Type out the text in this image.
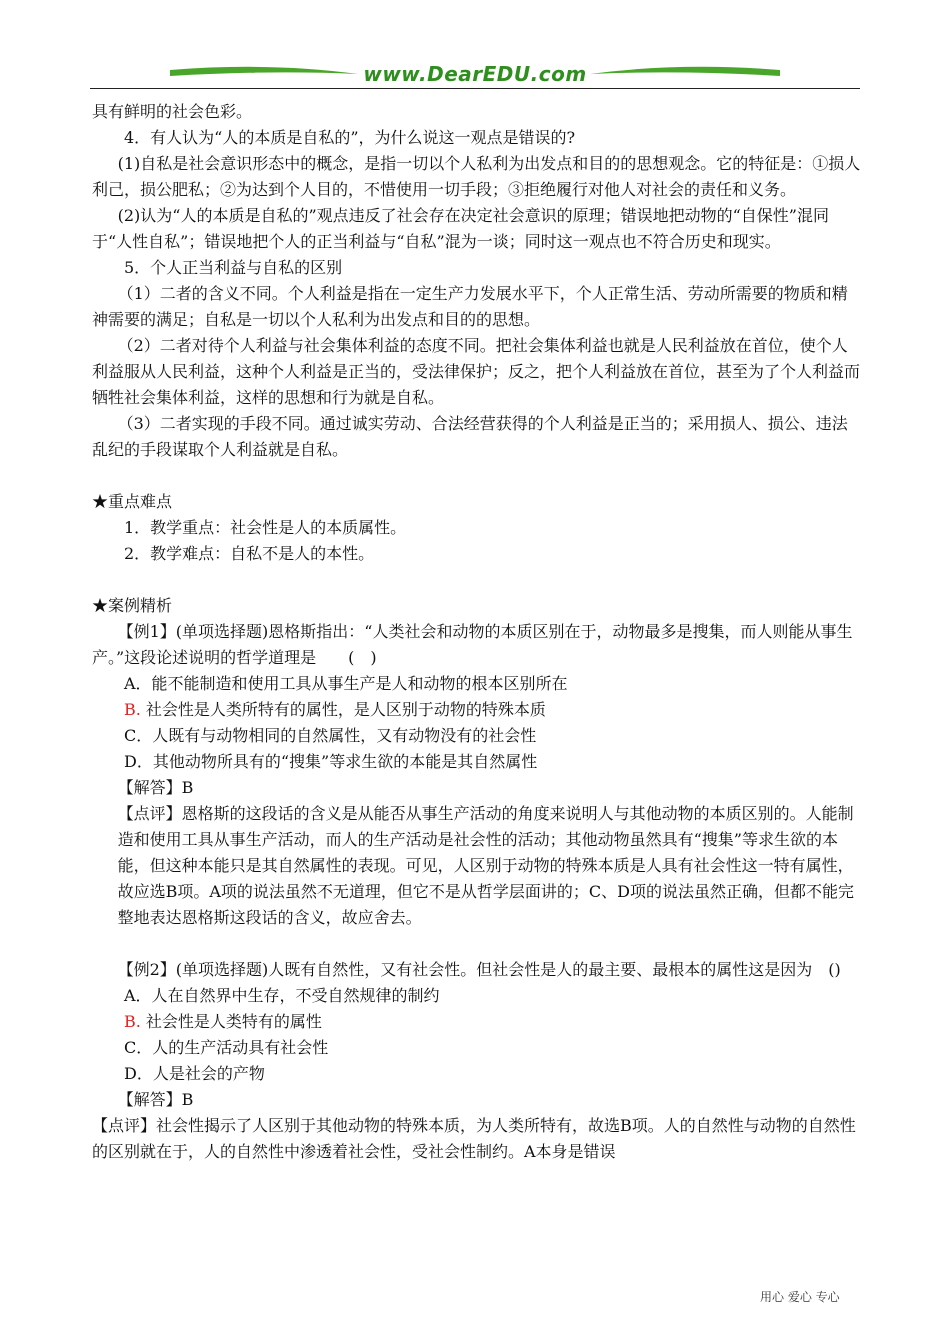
www.DearEDU.com

具有鲜明的社会色彩。

4．有人认为“人的本质是自私的”，为什么说这一观点是错误的?

(1)自私是社会意识形态中的概念，是指一切以个人私利为出发点和目的的思想观念。它的特征是：①损人利己，损公肥私；②为达到个人目的，不惜使用一切手段；③拒绝履行对他人对社会的责任和义务。

(2)认为“人的本质是自私的”观点违反了社会存在决定社会意识的原理；错误地把动物的“自保性”混同于“人性自私”；错误地把个人的正当利益与“自私”混为一谈；同时这一观点也不符合历史和现实。

5．个人正当利益与自私的区别

（1）二者的含义不同。个人利益是指在一定生产力发展水平下，个人正常生活、劳动所需要的物质和精神需要的满足；自私是一切以个人私利为出发点和目的的思想。

（2）二者对待个人利益与社会集体利益的态度不同。把社会集体利益也就是人民利益放在首位，使个人利益服从人民利益，这种个人利益是正当的，受法律保护；反之，把个人利益放在首位，甚至为了个人利益而牺牲社会集体利益，这样的思想和行为就是自私。

（3）二者实现的手段不同。通过诚实劳动、合法经营获得的个人利益是正当的；采用损人、损公、违法乱纪的手段谋取个人利益就是自私。

★重点难点

1．教学重点：社会性是人的本质属性。

2．教学难点：自私不是人的本性。

★案例精析

【例1】(单项选择题)恩格斯指出：“人类社会和动物的本质区别在于，动物最多是搜集，而人则能从事生产。”这段论述说明的哲学道理是　　(　)

A．能不能制造和使用工具从事生产是人和动物的根本区别所在

B. 社会性是人类所特有的属性，是人区别于动物的特殊本质

C．人既有与动物相同的自然属性，又有动物没有的社会性

D．其他动物所具有的“搜集”等求生欲的本能是其自然属性

【解答】B

【点评】恩格斯的这段话的含义是从能否从事生产活动的角度来说明人与其他动物的本质区别的。人能制造和使用工具从事生产活动，而人的生产活动是社会性的活动；其他动物虽然具有“搜集”等求生欲的本能，但这种本能只是其自然属性的表现。可见，人区别于动物的特殊本质是人具有社会性这一特有属性，故应选B项。A项的说法虽然不无道理，但它不是从哲学层面讲的；C、D项的说法虽然正确，但都不能完整地表达恩格斯这段话的含义，故应舍去。

【例2】(单项选择题)人既有自然性，又有社会性。但社会性是人的最主要、最根本的属性这是因为　()

A．人在自然界中生存，不受自然规律的制约

B. 社会性是人类特有的属性

C．人的生产活动具有社会性

D．人是社会的产物

【解答】B

【点评】社会性揭示了人区别于其他动物的特殊本质，为人类所特有，故选B项。人的自然性与动物的自然性的区别就在于，人的自然性中渗透着社会性，受社会性制约。A本身是错误

用心 爱心 专心
